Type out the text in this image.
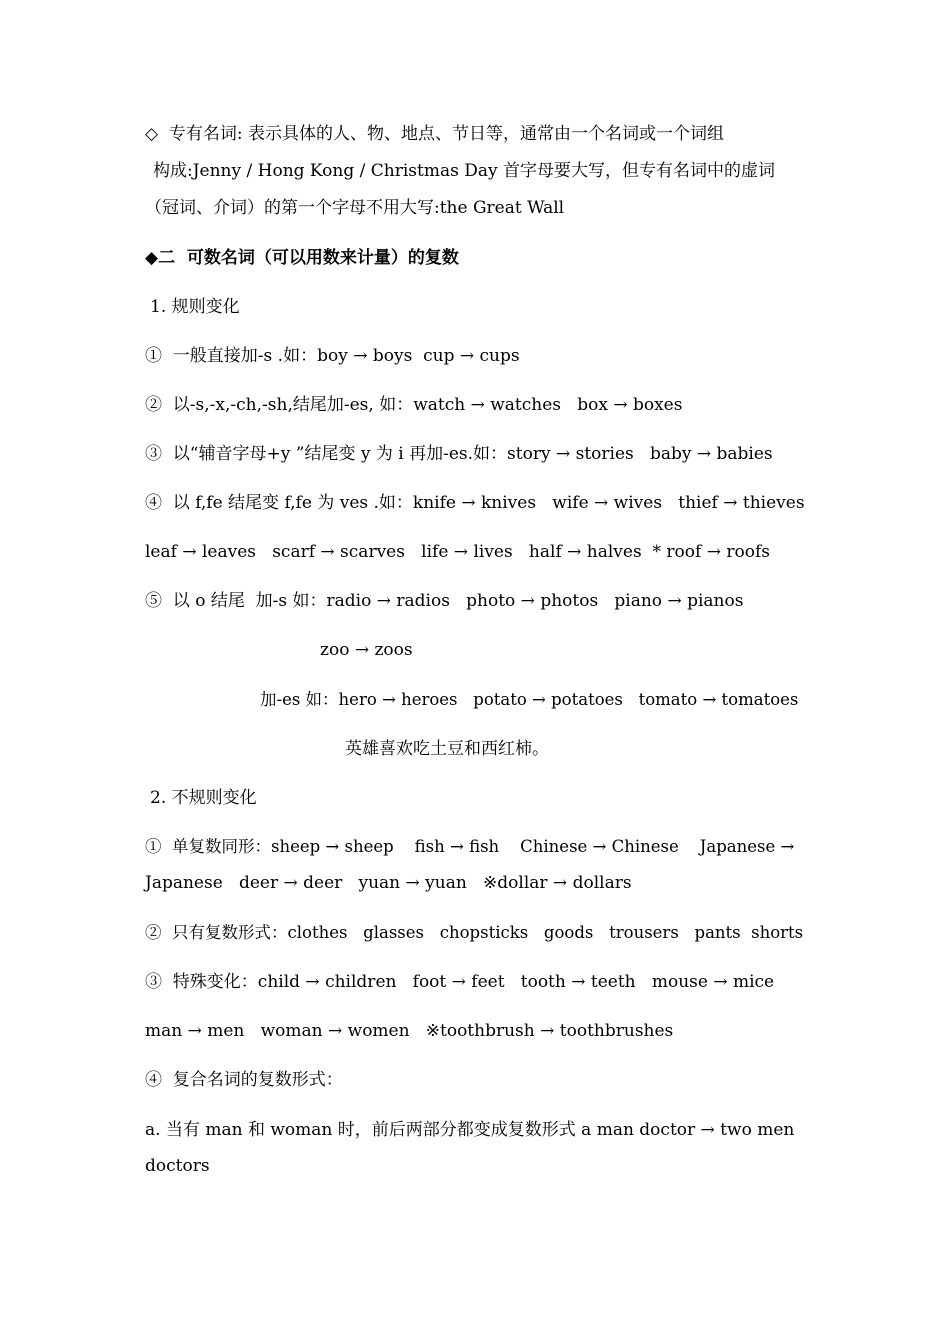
◇  专有名词: 表示具体的人、物、地点、节日等，通常由一个名词或一个词组
构成:Jenny / Hong Kong / Christmas Day 首字母要大写，但专有名词中的虚词
（冠词、介词）的第一个字母不用大写:the Great Wall
◆二  可数名词（可以用数来计量）的复数
1. 规则变化
①  一般直接加-s .如：boy → boys  cup → cups
②  以-s,-x,-ch,-sh,结尾加-es, 如：watch → watches   box → boxes
③  以“辅音字母+y ”结尾变 y 为 i 再加-es.如：story → stories   baby → babies
④  以 f,fe 结尾变 f,fe 为 ves .如：knife → knives   wife → wives   thief → thieves
leaf → leaves   scarf → scarves   life → lives   half → halves  * roof → roofs
⑤  以 o 结尾  加-s 如：radio → radios   photo → photos   piano → pianos
zoo → zoos
加-es 如：hero → heroes   potato → potatoes   tomato → tomatoes
英雄喜欢吃土豆和西红柿。
2. 不规则变化
①  单复数同形：sheep → sheep    fish → fish    Chinese → Chinese    Japanese →
Japanese   deer → deer   yuan → yuan   ※dollar → dollars
②  只有复数形式：clothes   glasses   chopsticks   goods   trousers   pants  shorts
③  特殊变化：child → children   foot → feet   tooth → teeth   mouse → mice
man → men   woman → women   ※toothbrush → toothbrushes
④  复合名词的复数形式：
a. 当有 man 和 woman 时，前后两部分都变成复数形式 a man doctor → two men
doctors
